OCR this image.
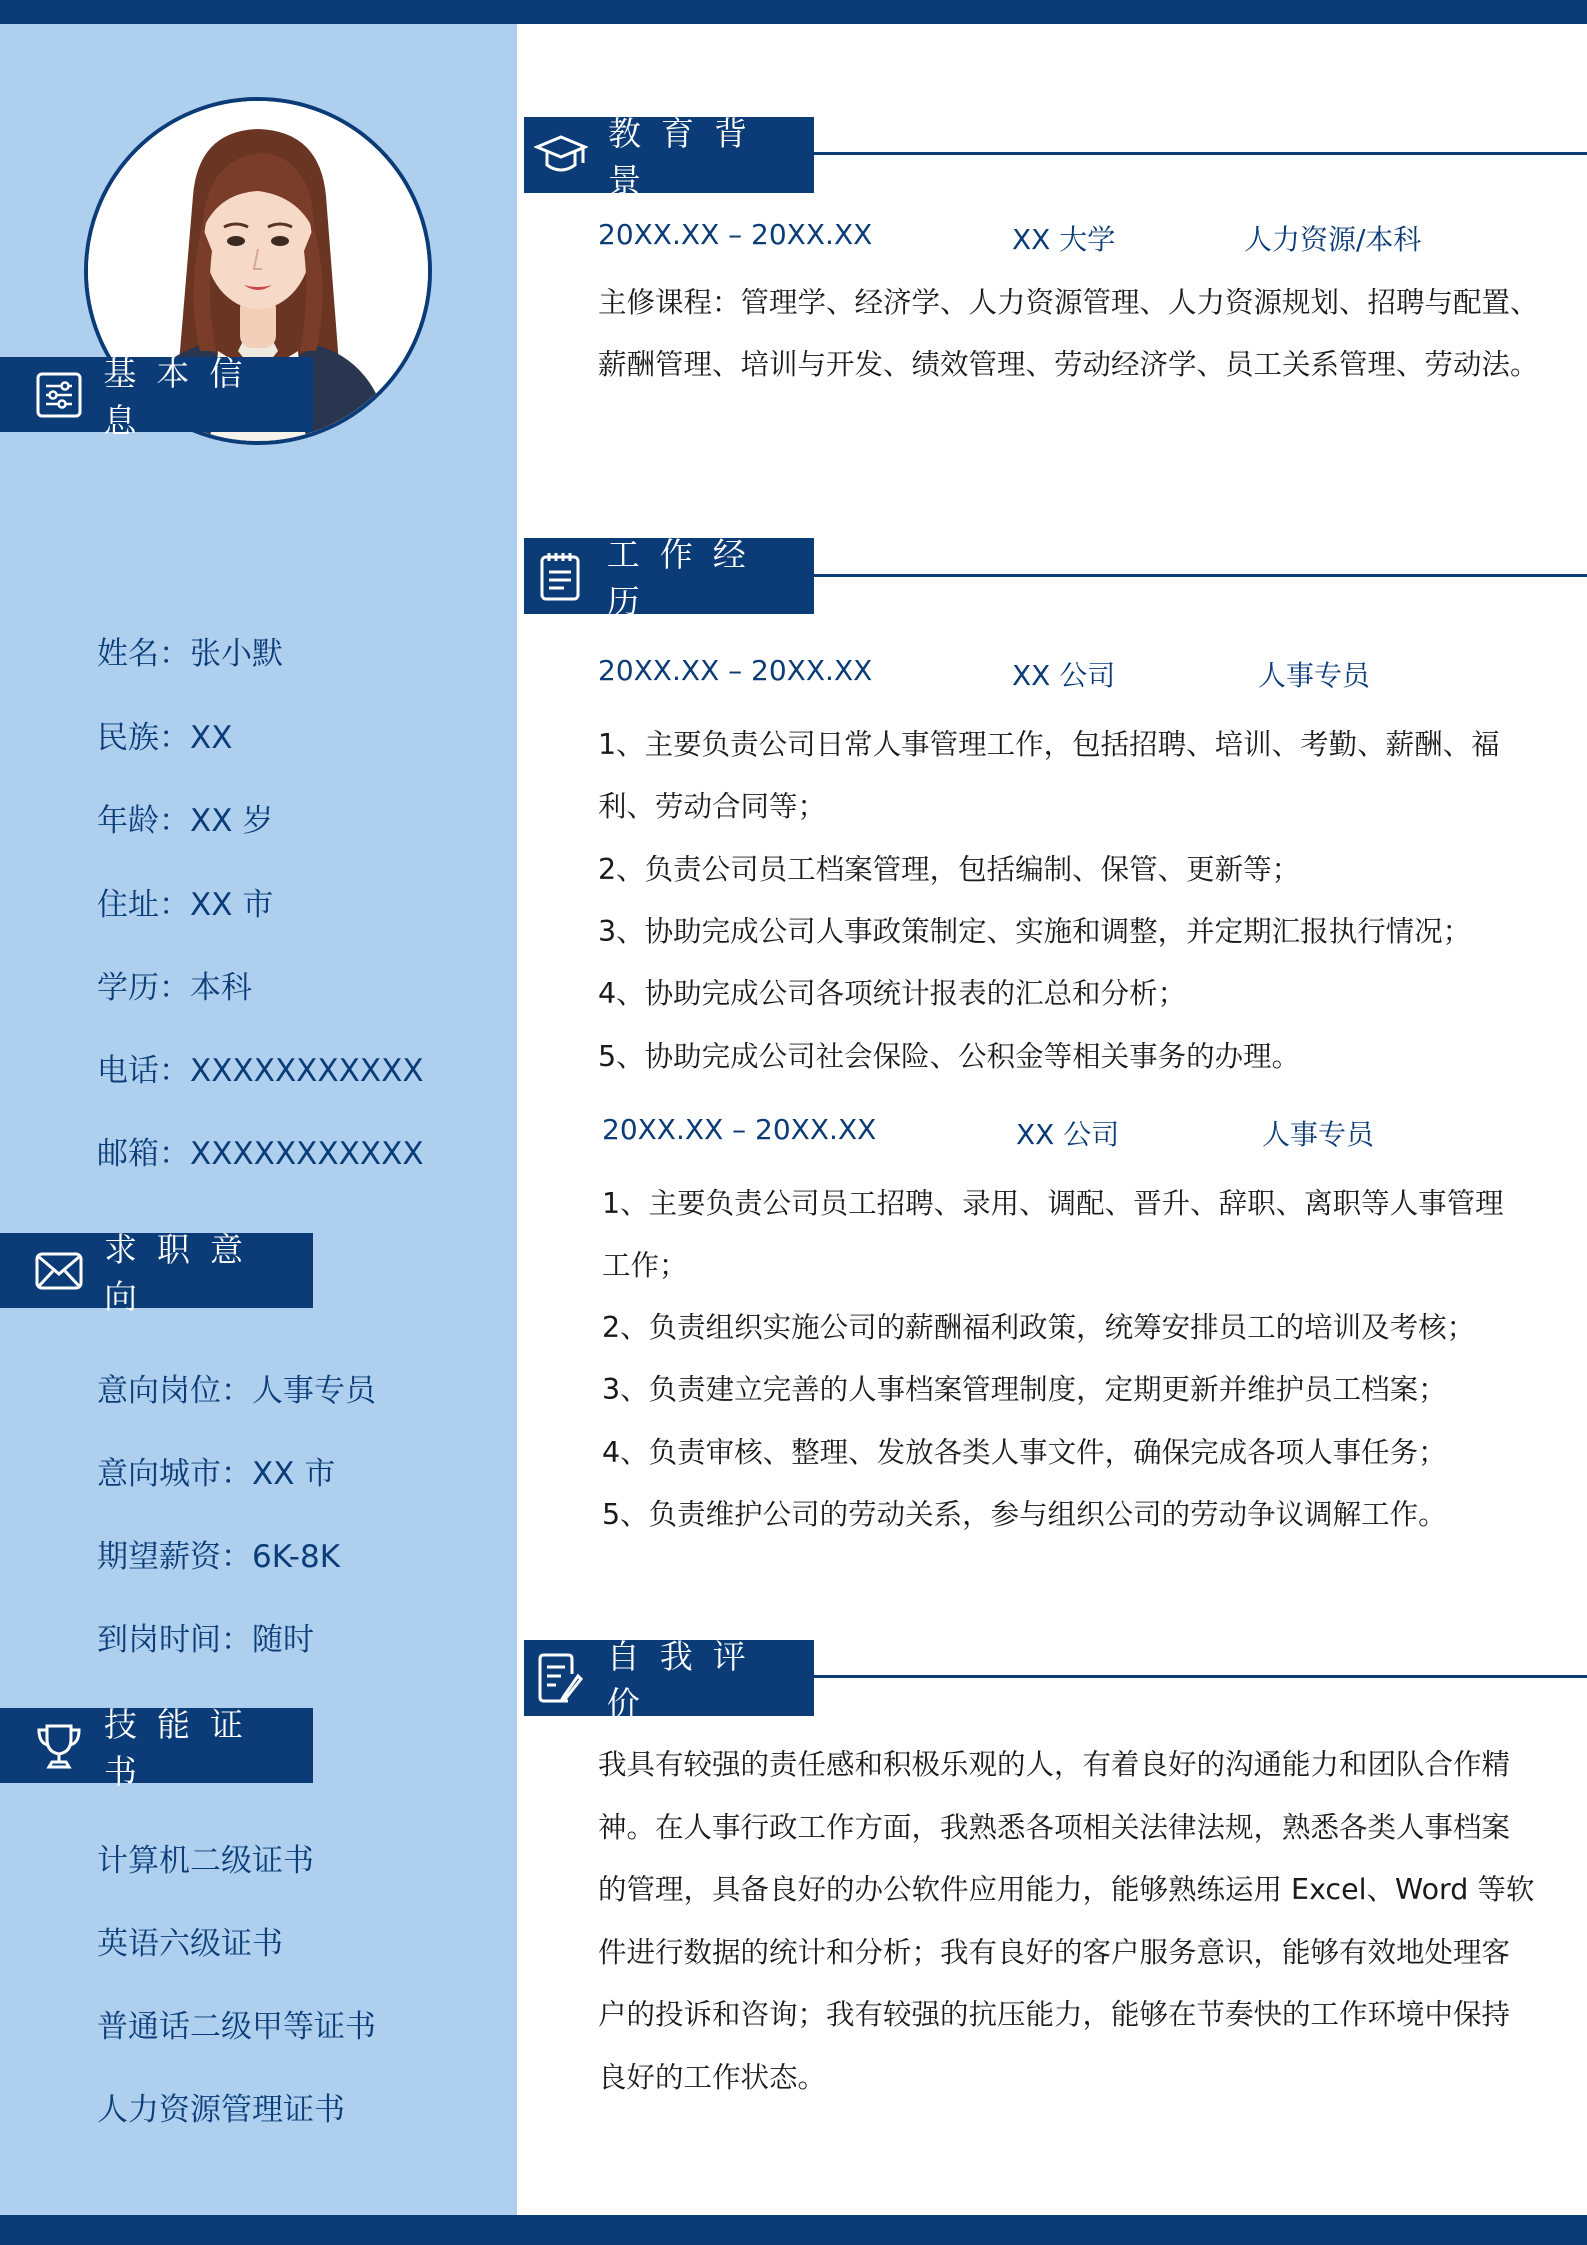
基本信息
姓名：张小默
民族：XX
年龄：XX 岁
住址：XX 市
学历：本科
电话：XXXXXXXXXXX
邮箱：XXXXXXXXXXX
求职意向
意向岗位：人事专员
意向城市：XX 市
期望薪资：6K-8K
到岗时间：随时
技能证书
计算机二级证书
英语六级证书
普通话二级甲等证书
人力资源管理证书
教育背景
20XX.XX – 20XX.XX	XX 大学	人力资源/本科
主修课程：管理学、经济学、人力资源管理、人力资源规划、招聘与配置、
薪酬管理、培训与开发、绩效管理、劳动经济学、员工关系管理、劳动法。
工作经历
20XX.XX – 20XX.XX	XX 公司	人事专员
1、主要负责公司日常人事管理工作，包括招聘、培训、考勤、薪酬、福
利、劳动合同等；
2、负责公司员工档案管理，包括编制、保管、更新等；
3、协助完成公司人事政策制定、实施和调整，并定期汇报执行情况；
4、协助完成公司各项统计报表的汇总和分析；
5、协助完成公司社会保险、公积金等相关事务的办理。
20XX.XX – 20XX.XX	XX 公司	人事专员
1、主要负责公司员工招聘、录用、调配、晋升、辞职、离职等人事管理
工作；
2、负责组织实施公司的薪酬福利政策，统筹安排员工的培训及考核；
3、负责建立完善的人事档案管理制度，定期更新并维护员工档案；
4、负责审核、整理、发放各类人事文件，确保完成各项人事任务；
5、负责维护公司的劳动关系，参与组织公司的劳动争议调解工作。
自我评价
我具有较强的责任感和积极乐观的人，有着良好的沟通能力和团队合作精
神。在人事行政工作方面，我熟悉各项相关法律法规，熟悉各类人事档案
的管理，具备良好的办公软件应用能力，能够熟练运用 Excel、Word 等软
件进行数据的统计和分析；我有良好的客户服务意识，能够有效地处理客
户的投诉和咨询；我有较强的抗压能力，能够在节奏快的工作环境中保持
良好的工作状态。
